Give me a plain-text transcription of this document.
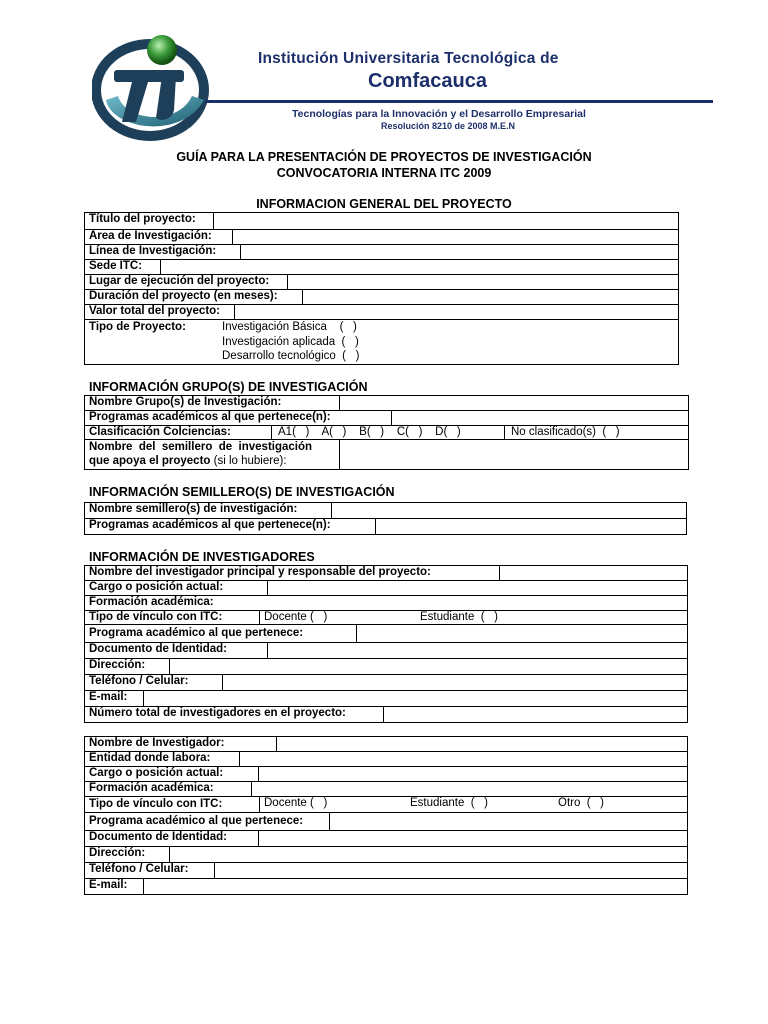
Institución Universitaria Tecnológica de
Comfacauca
Tecnologías para la Innovación y el Desarrollo Empresarial
Resolución 8210 de 2008 M.E.N
GUÍA PARA LA PRESENTACIÓN DE PROYECTOS DE INVESTIGACIÓN
CONVOCATORIA INTERNA ITC 2009
INFORMACION GENERAL DEL PROYECTO
Título del proyecto:

Area de Investigación:

Línea de Investigación:

Sede ITC:

Lugar de ejecución del proyecto:

Duración del proyecto (en meses):

Valor total del proyecto:

Tipo de Proyecto:	Investigación Básica    (   )
Investigación aplicada  (   )
Desarrollo tecnológico  (   )
INFORMACIÓN GRUPO(S) DE INVESTIGACIÓN
Nombre Grupo(s) de Investigación:

Programas académicos al que pertenece(n):

Clasificación Colciencias:	A1(   )    A(   )    B(   )    C(   )    D(   )	No clasificado(s)  (   )

Nombre  del  semillero  de  investigación
que apoya el proyecto (si lo hubiere):
INFORMACIÓN SEMILLERO(S) DE INVESTIGACIÓN
Nombre semillero(s) de investigación:

Programas académicos al que pertenece(n):
INFORMACIÓN DE INVESTIGADORES
Nombre del investigador principal y responsable del proyecto:

Cargo o posición actual:

Formación académica:

Tipo de vínculo con ITC:	Docente (   )	Estudiante  (   )

Programa académico al que pertenece:

Documento de Identidad:

Dirección:

Teléfono / Celular:

E-mail:

Número total de investigadores en el proyecto:
Nombre de Investigador:

Entidad donde labora:

Cargo o posición actual:

Formación académica:

Tipo de vínculo con ITC:	Docente (   )	Estudiante  (   )	Otro  (   )

Programa académico al que pertenece:

Documento de Identidad:

Dirección:

Teléfono / Celular:

E-mail:
